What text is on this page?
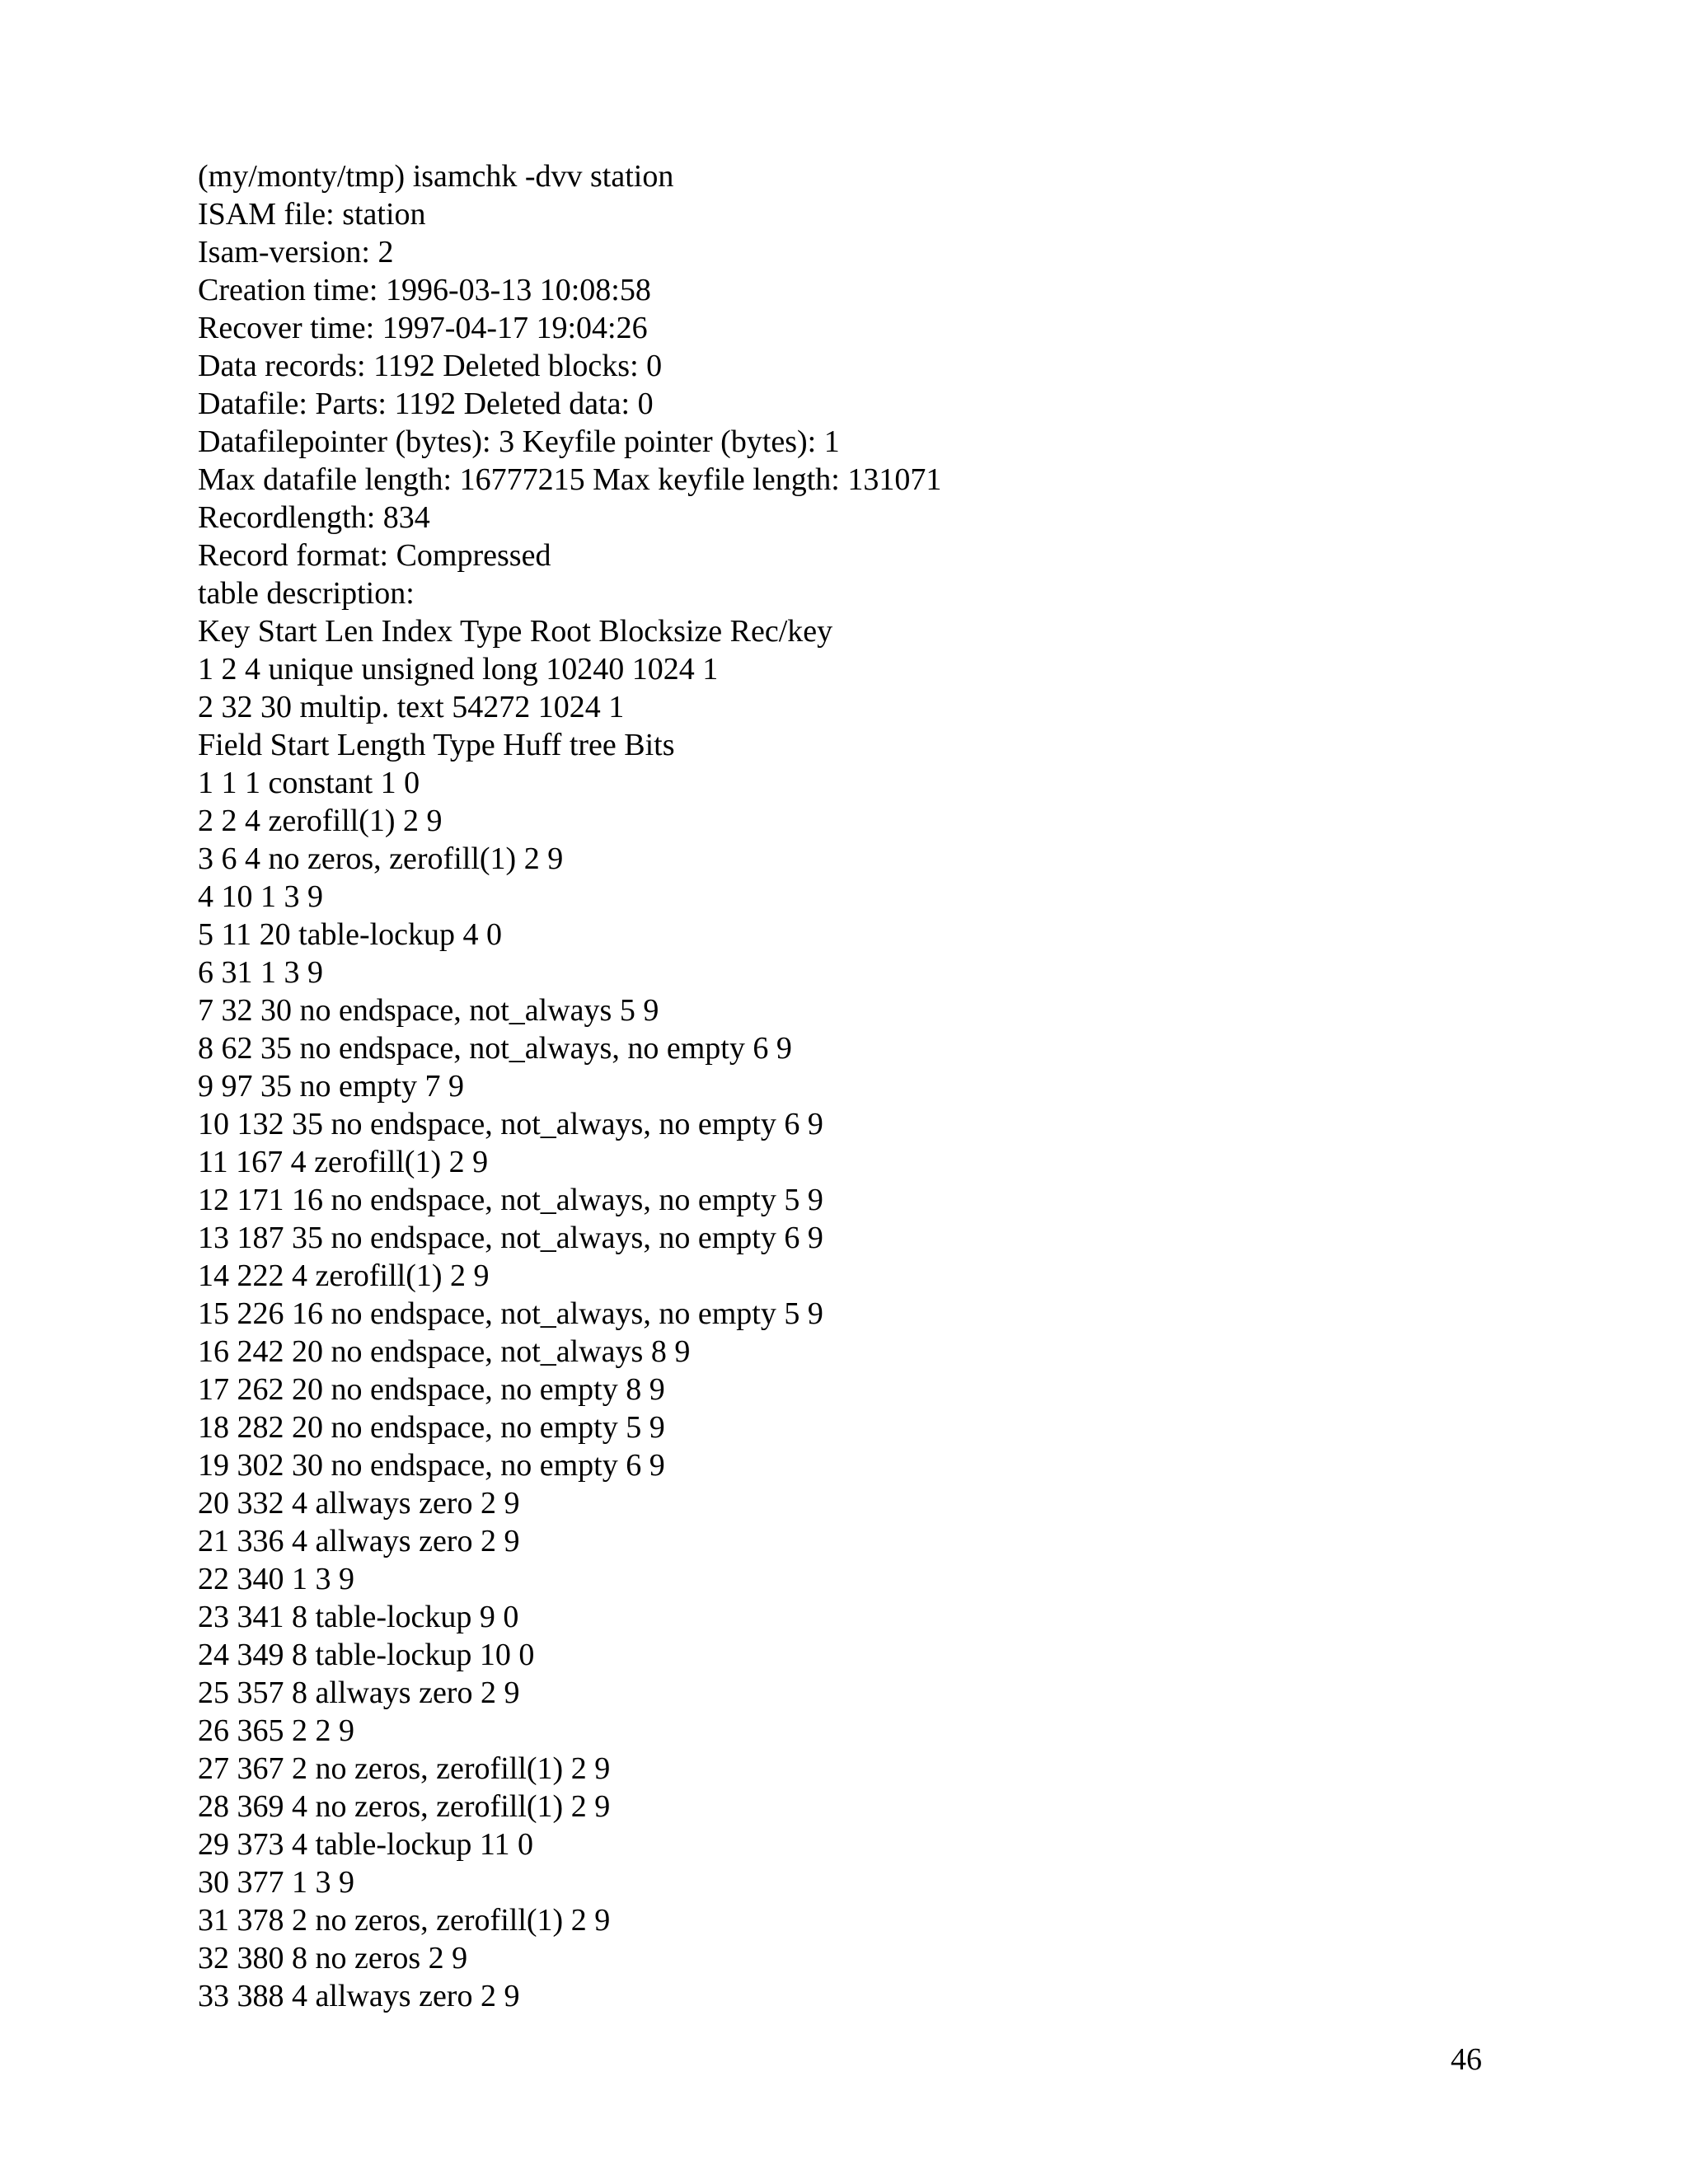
(my/monty/tmp) isamchk -dvv station
ISAM file: station
Isam-version: 2
Creation time: 1996-03-13 10:08:58
Recover time: 1997-04-17 19:04:26
Data records: 1192 Deleted blocks: 0
Datafile: Parts: 1192 Deleted data: 0
Datafilepointer (bytes): 3 Keyfile pointer (bytes): 1
Max datafile length: 16777215 Max keyfile length: 131071
Recordlength: 834
Record format: Compressed
table description:
Key Start Len Index Type Root Blocksize Rec/key
1 2 4 unique unsigned long 10240 1024 1
2 32 30 multip. text 54272 1024 1
Field Start Length Type Huff tree Bits
1 1 1 constant 1 0
2 2 4 zerofill(1) 2 9
3 6 4 no zeros, zerofill(1) 2 9
4 10 1 3 9
5 11 20 table-lockup 4 0
6 31 1 3 9
7 32 30 no endspace, not_always 5 9
8 62 35 no endspace, not_always, no empty 6 9
9 97 35 no empty 7 9
10 132 35 no endspace, not_always, no empty 6 9
11 167 4 zerofill(1) 2 9
12 171 16 no endspace, not_always, no empty 5 9
13 187 35 no endspace, not_always, no empty 6 9
14 222 4 zerofill(1) 2 9
15 226 16 no endspace, not_always, no empty 5 9
16 242 20 no endspace, not_always 8 9
17 262 20 no endspace, no empty 8 9
18 282 20 no endspace, no empty 5 9
19 302 30 no endspace, no empty 6 9
20 332 4 allways zero 2 9
21 336 4 allways zero 2 9
22 340 1 3 9
23 341 8 table-lockup 9 0
24 349 8 table-lockup 10 0
25 357 8 allways zero 2 9
26 365 2 2 9
27 367 2 no zeros, zerofill(1) 2 9
28 369 4 no zeros, zerofill(1) 2 9
29 373 4 table-lockup 11 0
30 377 1 3 9
31 378 2 no zeros, zerofill(1) 2 9
32 380 8 no zeros 2 9
33 388 4 allways zero 2 9
46
